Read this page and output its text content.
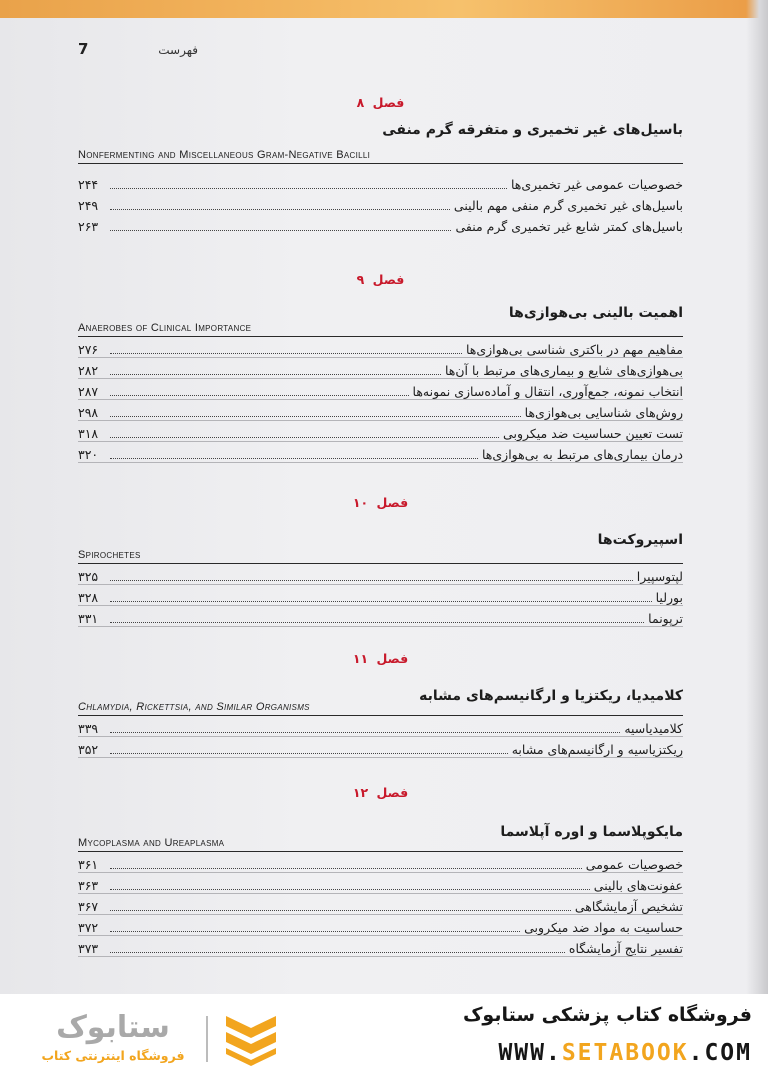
7	فهرست
فصل ۸
باسیل‌های غیر تخمیری و متفرقه گرم منفی
Nonfermenting and Miscellaneous Gram-Negative Bacilli
۲۴۴	خصوصیات عمومی غیر تخمیری‌ها
۲۴۹	باسیل‌های غیر تخمیری گرم منفی مهم بالینی
۲۶۳	باسیل‌های کمتر شایع غیر تخمیری گرم منفی
فصل ۹
اهمیت بالینی بی‌هوازی‌ها
Anaerobes of Clinical Importance
۲۷۶	مفاهیم مهم در باکتری شناسی بی‌هوازی‌ها
۲۸۲	بی‌هوازی‌های شایع و بیماری‌های مرتبط با آن‌ها
۲۸۷	انتخاب نمونه، جمع‌آوری، انتقال و آماده‌سازی نمونه‌ها
۲۹۸	روش‌های شناسایی بی‌هوازی‌ها
۳۱۸	تست تعیین حساسیت ضد میکروبی
۳۲۰	درمان بیماری‌های مرتبط به بی‌هوازی‌ها
فصل ۱۰
اسپیروکت‌ها
Spirochetes
۳۲۵	لپتوسپیرا
۳۲۸	بورلیا
۳۳۱	ترپونما
فصل ۱۱
کلامیدیا، ریکتزیا و ارگانیسم‌های مشابه
Chlamydia, Rickettsia, and Similar Organisms
۳۳۹	کلامیدیاسیه
۳۵۲	ریکتزیاسیه و ارگانیسم‌های مشابه
فصل ۱۲
مایکوپلاسما و اوره آپلاسما
Mycoplasma and Ureaplasma
۳۶۱	خصوصیات عمومی
۳۶۳	عفونت‌های بالینی
۳۶۷	تشخیص آزمایشگاهی
۳۷۲	حساسیت به مواد ضد میکروبی
۳۷۳	تفسیر نتایج آزمایشگاه
ستابوک
فروشگاه اینترنتی کتاب
فروشگاه کتاب پزشکی ستابوک
WWW.SETABOOK.COM
